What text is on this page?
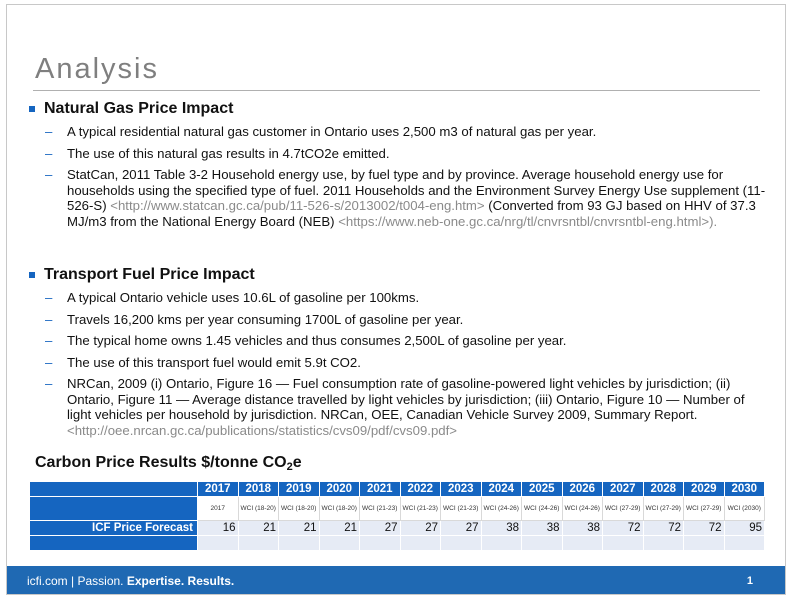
Analysis
Natural Gas Price Impact
–	A typical residential natural gas customer in Ontario uses 2,500 m3 of natural gas per year.
–	The use of this natural gas results in 4.7tCO2e emitted.
–	StatCan, 2011 Table 3-2 Household energy use, by fuel type and by province. Average household energy use for households using the specified type of fuel. 2011 Households and the Environment Survey Energy Use supplement (11-526-S) <http://www.statcan.gc.ca/pub/11-526-s/2013002/t004-eng.htm> (Converted from 93 GJ based on HHV of 37.3 MJ/m3 from the National Energy Board (NEB) <https://www.neb-one.gc.ca/nrg/tl/cnvrsntbl/cnvrsntbl-eng.html>).
Transport Fuel Price Impact
–	A typical Ontario vehicle uses 10.6L of gasoline per 100kms.
–	Travels 16,200 kms per year consuming 1700L of gasoline per year.
–	The typical home owns 1.45 vehicles and thus consumes 2,500L of gasoline per year.
–	The use of this transport fuel would emit 5.9t CO2.
–	NRCan, 2009 (i) Ontario, Figure 16 — Fuel consumption rate of gasoline-powered light vehicles by jurisdiction; (ii) Ontario, Figure 11 — Average distance travelled by light vehicles by jurisdiction; (iii) Ontario, Figure 10 — Number of light vehicles per household by jurisdiction. NRCan, OEE, Canadian Vehicle Survey 2009, Summary Report. <http://oee.nrcan.gc.ca/publications/statistics/cvs09/pdf/cvs09.pdf>
Carbon Price Results $/tonne $CO_2e$
	2017	2018	2019	2020	2021	2022	2023	2024	2025	2026	2027	2028	2029	2030
	2017	WCI (18-20)	WCI (18-20)	WCI (18-20)	WCI (21-23)	WCI (21-23)	WCI (21-23)	WCI (24-26)	WCI (24-26)	WCI (24-26)	WCI (27-29)	WCI (27-29)	WCI (27-29)	WCI (2030)
ICF Price Forecast	16	21	21	21	27	27	27	38	38	38	72	72	72	95

icfi.com | Passion. Expertise. Results.	1
